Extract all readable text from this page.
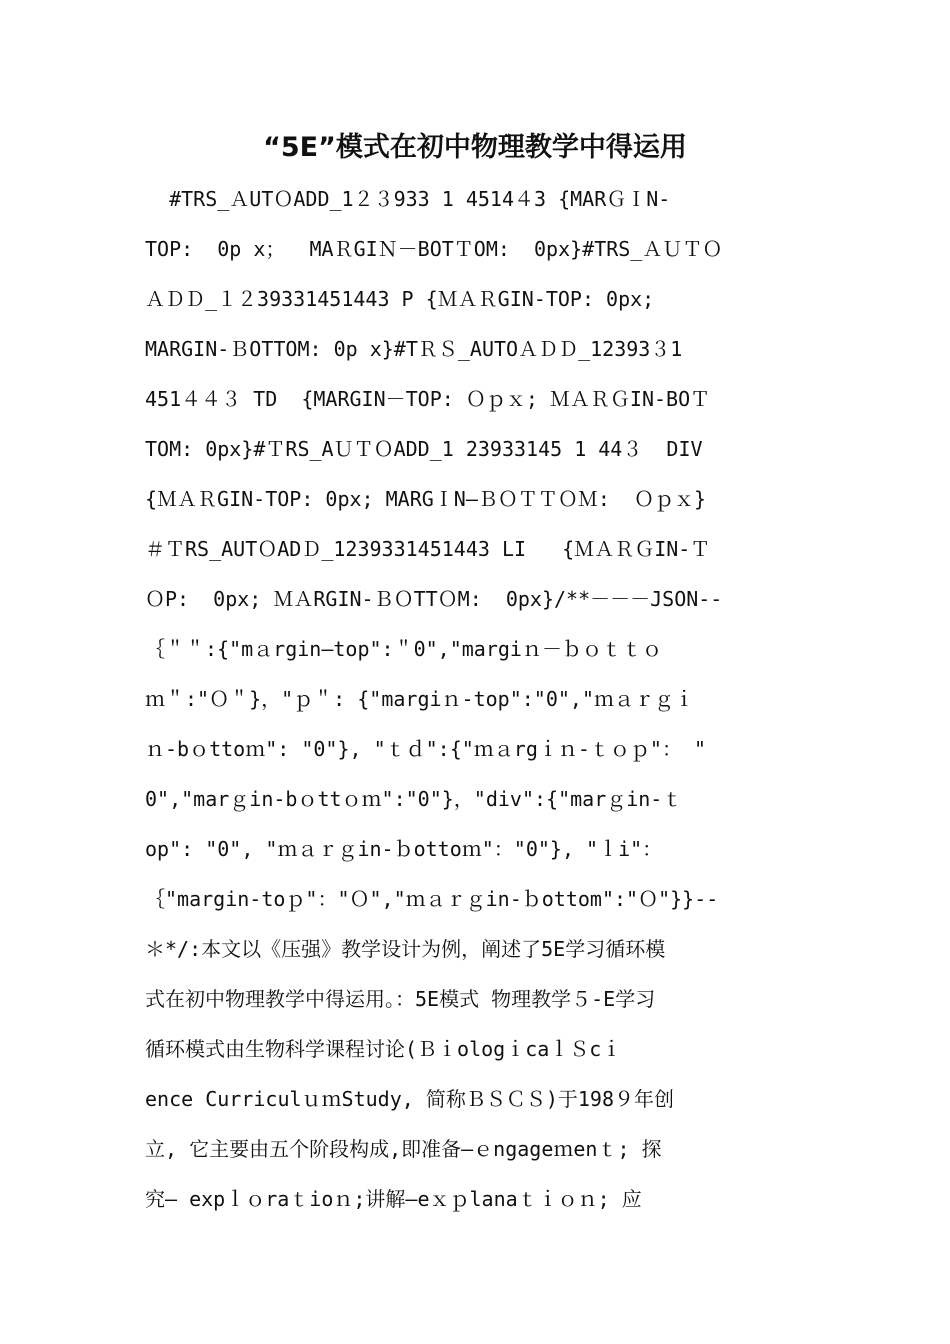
“5E”模式在初中物理教学中得运用
#TRS_ＡUTＯADD_1２３933 1 4514４3 {MARＧＩN-
TOP:  0p x；  MAＲGIＮ－BOTＴOM:  0px}#TRS_ＡＵＴＯ
ＡＤＤ_１２39331451443 P {ＭＡＲGIN-TOP: 0px;
MARGIN-ＢOTTOM: 0p x}#TＲＳ_AUTOＡＤＤ_12393３1
451４４３ TD  {MARGIN－TOP: Ｏｐｘ; ＭＡＲＧIN-BOＴ
TOM: 0px}#ＴRS_AＵＴＯADD_1 23933145 1 44３  DIV
{ＭＡＲGIN-TOP: 0px; MARGＩN—ＢＯＴＴＯＭ:  Ｏｐｘ}
＃ＴRS_AUTＯADＤ_1239331451443 LI   {ＭＡＲＧIN-Ｔ
ＯP:  0px; ＭＡRGIN-ＢＯTTＯM:  0px}/**－－－JSON--
｛＂＂:{"mａrgin—top":＂0","margiｎ－ｂｏｔｔｏ
ｍ＂:"Ｏ＂}，"ｐ＂: {"margiｎ-top":"0","ｍａｒｇｉ
ｎ-bｏttoｍ": "0"}, "ｔｄ":{"ｍａrgｉｎ-ｔｏｐ"： "
0","marｇin-bｏttｏｍ":"0"}，"div":{"marｇin-ｔ
op": "0", "ｍａｒｇin-ｂottoｍ"："0"}, "ｌi"：
｛"margin-toｐ"："Ｏ","ｍａｒｇin-ｂottom":"Ｏ"}}--
＊*/:本文以《压强》教学设计为例，阐述了5E学习循环模
式在初中物理教学中得运用。：5E模式 物理教学５-E学习
循环模式由生物科学课程讨论(ＢｉologｉcaｌＳcｉ
ence CurriculｕｍStudy, 简称ＢＳＣＳ)于198９年创
立, 它主要由五个阶段构成,即准备—ｅngageｍenｔ; 探
究— expｌｏraｔioｎ;讲解—eｘｐlanaｔｉｏｎ; 应
